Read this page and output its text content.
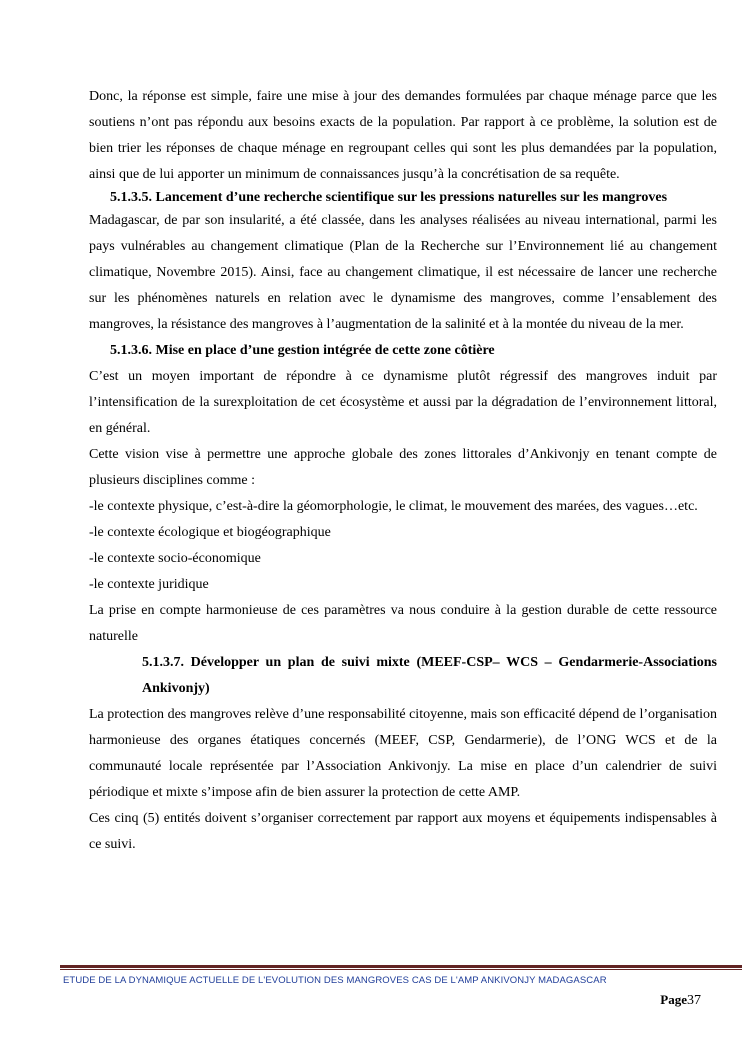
Donc, la réponse est simple, faire une mise à jour des demandes formulées par chaque ménage parce que les soutiens n’ont pas répondu aux besoins exacts de la population. Par rapport à ce problème, la solution est de bien trier les réponses de chaque ménage en regroupant celles qui sont les plus demandées par la population, ainsi que de lui apporter un minimum de connaissances jusqu’à la concrétisation de sa requête.

5.1.3.5. Lancement d’une recherche scientifique sur les pressions naturelles sur les mangroves

Madagascar, de par son insularité, a été classée, dans les analyses réalisées au niveau international, parmi les pays vulnérables au changement climatique (Plan de la Recherche sur l’Environnement lié au changement climatique, Novembre 2015). Ainsi, face au changement climatique, il est nécessaire de lancer une recherche sur les phénomènes naturels en relation avec le dynamisme des mangroves, comme l’ensablement des mangroves, la résistance des mangroves à l’augmentation de la salinité et à la montée du niveau de la mer.

5.1.3.6. Mise en place d’une gestion intégrée de cette zone côtière

C’est un moyen important de répondre à ce dynamisme plutôt régressif des mangroves induit par l’intensification de la surexploitation de cet écosystème et aussi par la dégradation de l’environnement littoral, en général.

Cette vision vise à permettre une approche globale des zones littorales d’Ankivonjy en tenant compte de plusieurs disciplines comme :

-le contexte physique, c’est-à-dire la géomorphologie, le climat, le mouvement des marées, des vagues…etc.

-le contexte écologique et biogéographique

-le contexte socio-économique

-le contexte juridique

La prise en compte harmonieuse de ces paramètres va nous conduire à la gestion durable de cette ressource naturelle

5.1.3.7. Développer un plan de suivi mixte (MEEF-CSP– WCS – Gendarmerie-Associations Ankivonjy)

La protection des mangroves relève d’une responsabilité citoyenne, mais son efficacité dépend de l’organisation harmonieuse des organes étatiques concernés (MEEF, CSP, Gendarmerie), de l’ONG WCS et de la communauté locale représentée par l’Association Ankivonjy. La mise en place d’un calendrier de suivi périodique et mixte s’impose afin de bien assurer la protection de cette AMP.

Ces cinq (5) entités doivent s’organiser correctement par rapport aux moyens et équipements indispensables à ce suivi.

ETUDE DE LA DYNAMIQUE ACTUELLE DE L'EVOLUTION DES MANGROVES CAS DE L'AMP ANKIVONJY MADAGASCAR
Page37
